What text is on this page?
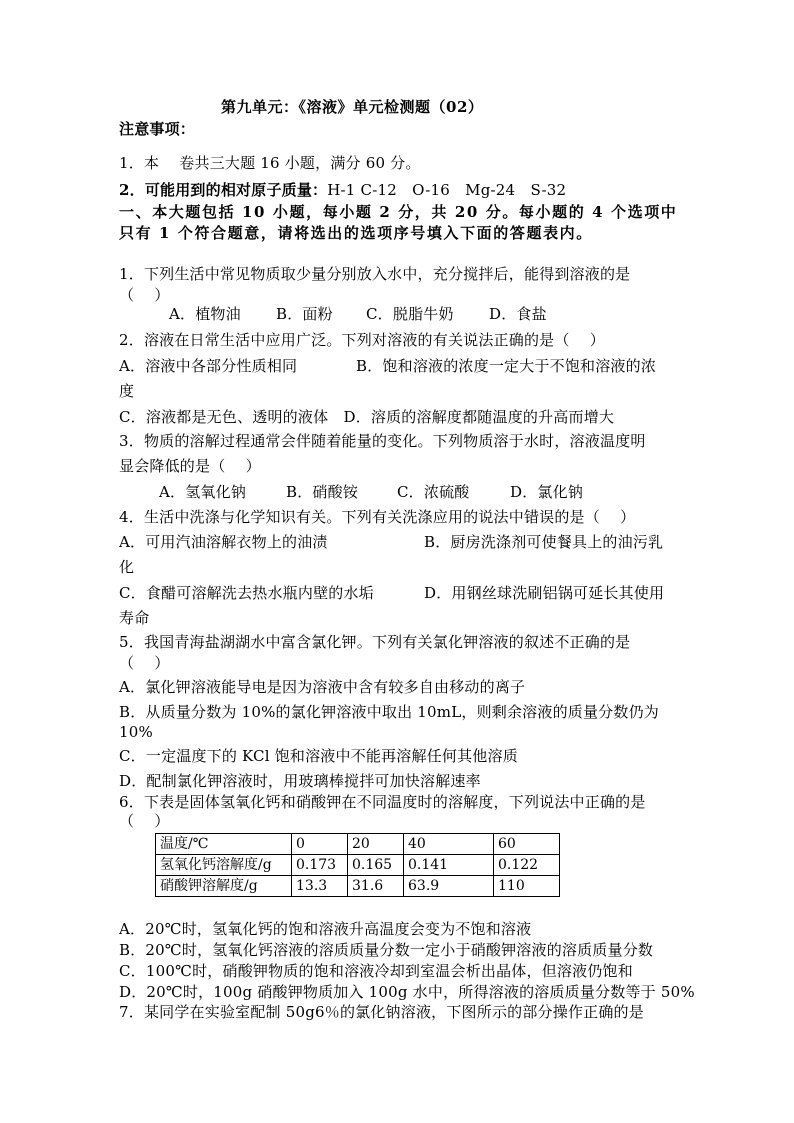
第九单元：《溶液》单元检测题（02）
注意事项：
1．本　 卷共三大题 16 小题，满分 60 分。
2．可能用到的相对原子质量：H-1 C-12　O-16　Mg-24　S-32
一、本大题包括 10 小题，每小题 2 分，共 20 分。每小题的 4 个选项中
只有 1 个符合题意，请将选出的选项序号填入下面的答题表内。
1．下列生活中常见物质取少量分别放入水中，充分搅拌后，能得到溶液的是
（　 ）
A．植物油 B．面粉 C．脱脂牛奶 D．食盐
2．溶液在日常生活中应用广泛。下列对溶液的有关说法正确的是（　 ）
A．溶液中各部分性质相同	B．饱和溶液的浓度一定大于不饱和溶液的浓
度
C．溶液都是无色、透明的液体　D．溶质的溶解度都随温度的升高而增大
3．物质的溶解过程通常会伴随着能量的变化。下列物质溶于水时，溶液温度明
显会降低的是（　 ）
A．氢氧化钠	B．硝酸铵	C．浓硫酸	D．氯化钠
4．生活中洗涤与化学知识有关。下列有关洗涤应用的说法中错误的是（　 ）
A．可用汽油溶解衣物上的油渍	B．厨房洗涤剂可使餐具上的油污乳
化
C．食醋可溶解洗去热水瓶内壁的水垢	D．用钢丝球洗刷铝锅可延长其使用
寿命
5．我国青海盐湖湖水中富含氯化钾。下列有关氯化钾溶液的叙述不正确的是
（　 ）
A．氯化钾溶液能导电是因为溶液中含有较多自由移动的离子
B．从质量分数为 10%的氯化钾溶液中取出 10mL，则剩余溶液的质量分数仍为
10%
C．一定温度下的 KCl 饱和溶液中不能再溶解任何其他溶质
D．配制氯化钾溶液时，用玻璃棒搅拌可加快溶解速率
6．下表是固体氢氧化钙和硝酸钾在不同温度时的溶解度，下列说法中正确的是
（　 ）
温度/℃	0	20	40	60
氢氧化钙溶解度/g	0.173	0.165	0.141	0.122
硝酸钾溶解度/g	13.3	31.6	63.9	110
A．20℃时，氢氧化钙的饱和溶液升高温度会变为不饱和溶液
B．20℃时，氢氧化钙溶液的溶质质量分数一定小于硝酸钾溶液的溶质质量分数
C．100℃时，硝酸钾物质的饱和溶液冷却到室温会析出晶体，但溶液仍饱和
D．20℃时，100g 硝酸钾物质加入 100g 水中，所得溶液的溶质质量分数等于 50%
7．某同学在实验室配制 50g6％的氯化钠溶液，下图所示的部分操作正确的是
